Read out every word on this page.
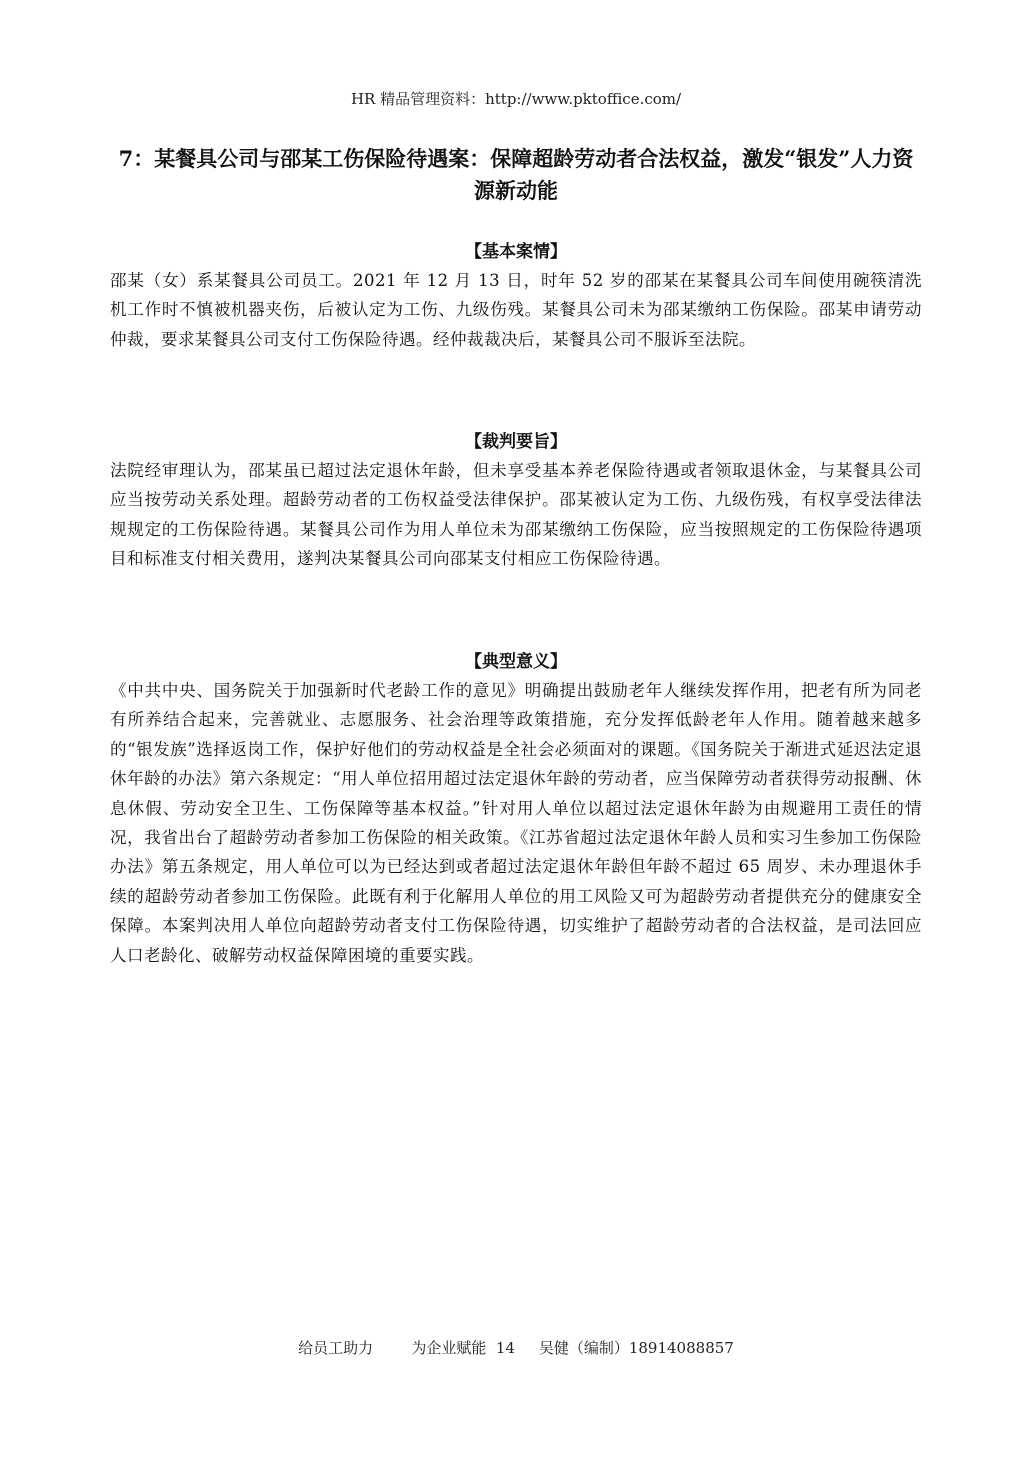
HR 精品管理资料：http://www.pktoffice.com/
7：某餐具公司与邵某工伤保险待遇案：保障超龄劳动者合法权益，激发“银发”人力资源新动能

【基本案情】

邵某（女）系某餐具公司员工。2021 年 12 月 13 日，时年 52 岁的邵某在某餐具公司车间使用碗筷清洗机工作时不慎被机器夹伤，后被认定为工伤、九级伤残。某餐具公司未为邵某缴纳工伤保险。邵某申请劳动仲裁，要求某餐具公司支付工伤保险待遇。经仲裁裁决后，某餐具公司不服诉至法院。

【裁判要旨】

法院经审理认为，邵某虽已超过法定退休年龄，但未享受基本养老保险待遇或者领取退休金，与某餐具公司应当按劳动关系处理。超龄劳动者的工伤权益受法律保护。邵某被认定为工伤、九级伤残，有权享受法律法规规定的工伤保险待遇。某餐具公司作为用人单位未为邵某缴纳工伤保险，应当按照规定的工伤保险待遇项目和标准支付相关费用，遂判决某餐具公司向邵某支付相应工伤保险待遇。

【典型意义】

《中共中央、国务院关于加强新时代老龄工作的意见》明确提出鼓励老年人继续发挥作用，把老有所为同老有所养结合起来，完善就业、志愿服务、社会治理等政策措施，充分发挥低龄老年人作用。随着越来越多的“银发族”选择返岗工作，保护好他们的劳动权益是全社会必须面对的课题。《国务院关于渐进式延迟法定退休年龄的办法》第六条规定：“用人单位招用超过法定退休年龄的劳动者，应当保障劳动者获得劳动报酬、休息休假、劳动安全卫生、工伤保障等基本权益。”针对用人单位以超过法定退休年龄为由规避用工责任的情况，我省出台了超龄劳动者参加工伤保险的相关政策。《江苏省超过法定退休年龄人员和实习生参加工伤保险办法》第五条规定，用人单位可以为已经达到或者超过法定退休年龄但年龄不超过 65 周岁、未办理退休手续的超龄劳动者参加工伤保险。此既有利于化解用人单位的用工风险又可为超龄劳动者提供充分的健康安全保障。本案判决用人单位向超龄劳动者支付工伤保险待遇，切实维护了超龄劳动者的合法权益，是司法回应人口老龄化、破解劳动权益保障困境的重要实践。

给员工助力	为企业赋能 14 吴健（编制）18914088857
